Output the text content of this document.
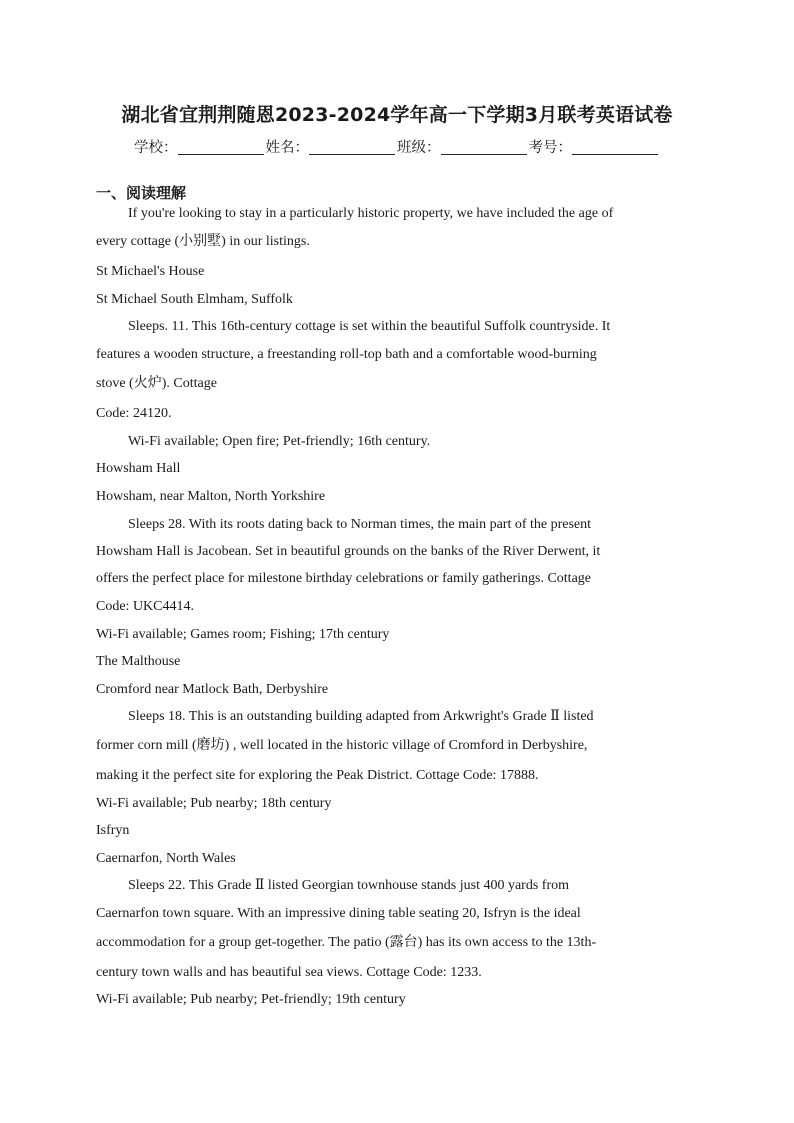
湖北省宜荆荆随恩2023-2024学年高一下学期3月联考英语试卷
学校：	姓名：	班级：	考号：
一、阅读理解
If you're looking to stay in a particularly historic property, we have included the age of
every cottage (小别墅) in our listings.
St Michael's House
St Michael South Elmham, Suffolk
Sleeps. 11. This 16th-century cottage is set within the beautiful Suffolk countryside. It
features a wooden structure, a freestanding roll-top bath and a comfortable wood-burning
stove (火炉). Cottage
Code: 24120.
Wi-Fi available; Open fire; Pet-friendly; 16th century.
Howsham Hall
Howsham, near Malton, North Yorkshire
Sleeps 28. With its roots dating back to Norman times, the main part of the present
Howsham Hall is Jacobean. Set in beautiful grounds on the banks of the River Derwent, it
offers the perfect place for milestone birthday celebrations or family gatherings. Cottage
Code: UKC4414.
Wi-Fi available; Games room; Fishing; 17th century
The Malthouse
Cromford near Matlock Bath, Derbyshire
Sleeps 18. This is an outstanding building adapted from Arkwright's Grade Ⅱ listed
former corn mill (磨坊) , well located in the historic village of Cromford in Derbyshire,
making it the perfect site for exploring the Peak District. Cottage Code: 17888.
Wi-Fi available; Pub nearby; 18th century
Isfryn
Caernarfon, North Wales
Sleeps 22. This Grade Ⅱ listed Georgian townhouse stands just 400 yards from
Caernarfon town square. With an impressive dining table seating 20, Isfryn is the ideal
accommodation for a group get-together. The patio (露台) has its own access to the 13th-
century town walls and has beautiful sea views. Cottage Code: 1233.
Wi-Fi available; Pub nearby; Pet-friendly; 19th century
